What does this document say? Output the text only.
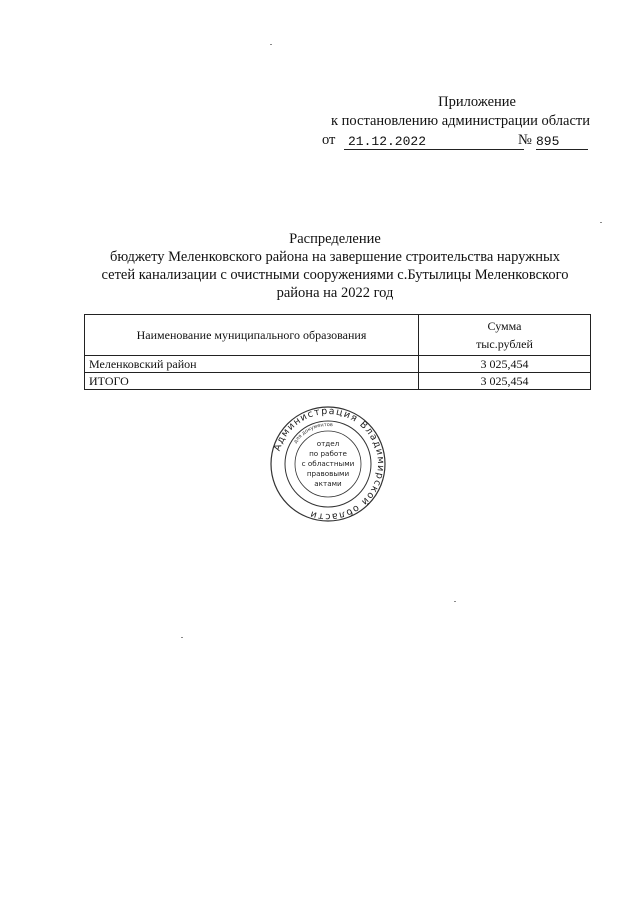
Приложение
к постановлению администрации области
от 21.12.2022	№ 895
Распределение
бюджету Меленковского района на завершение строительства наружных
сетей канализации с очистными сооружениями с.Бутылицы Меленковского
района на 2022 год
Наименование муниципального образования	Сумма
тыс.рублей

Меленковский район	3 025,454
ИТОГО	3 025,454
Администрация Владимирской области
для документов
отдел
по работе
с областными
правовыми
актами
